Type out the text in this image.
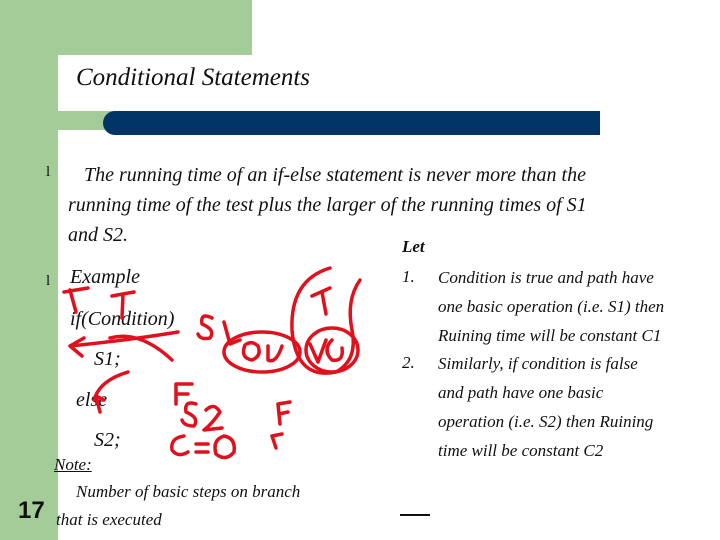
Conditional Statements
l	The running time of an if-else statement is never more than the
running time of the test plus the larger of the running times of S1
and S2.
l Example
if(Condition)
S1;
else
S2;
Note:
Number of basic steps on branch
that is executed
Let
1. Condition is true and path have
one basic operation (i.e. S1) then
Ruining time will be constant C1
2. Similarly, if condition is false
and path have one basic
operation (i.e. S2) then Ruining
time will be constant C2
17
